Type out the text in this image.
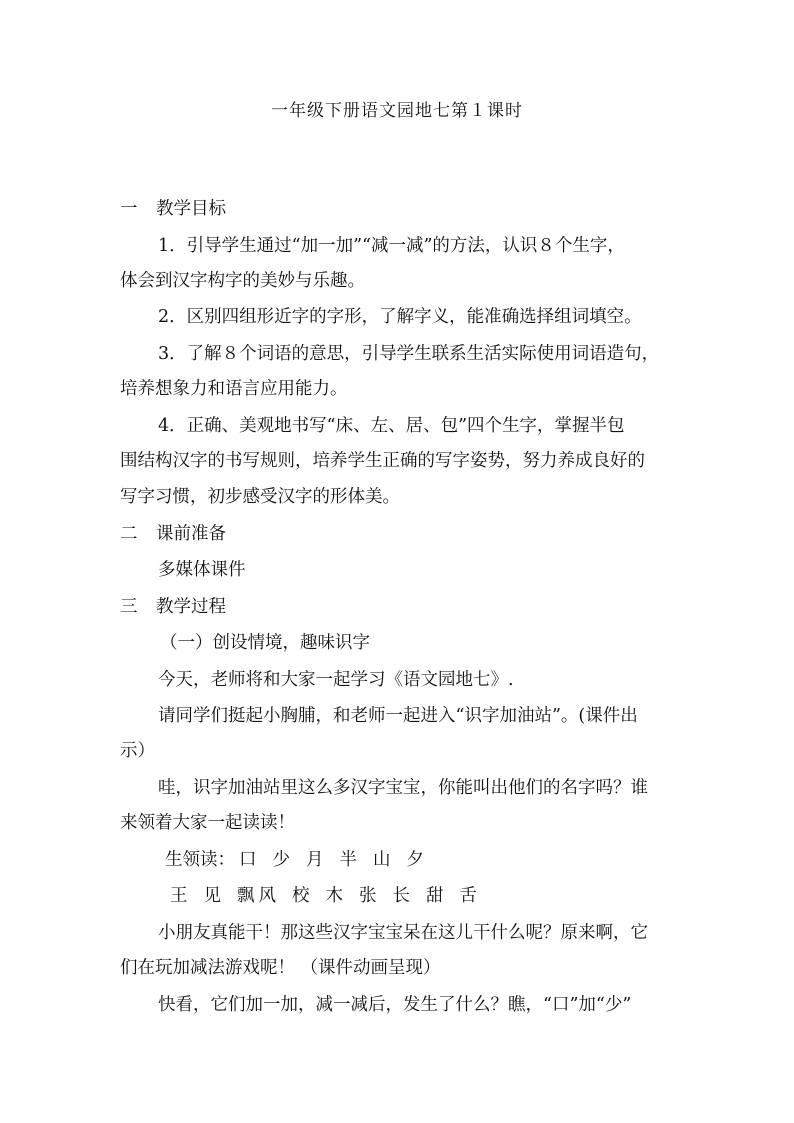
一年级下册语文园地七第１课时
一 教学目标
1．引导学生通过“加一加”“减一减”的方法，认识８个生字，
体会到汉字构字的美妙与乐趣。
2．区别四组形近字的字形，了解字义，能准确选择组词填空。
3．了解８个词语的意思，引导学生联系生活实际使用词语造句，
培养想象力和语言应用能力。
4．正确、美观地书写“床、左、居、包”四个生字，掌握半包
围结构汉字的书写规则，培养学生正确的写字姿势，努力养成良好的
写字习惯，初步感受汉字的形体美。
二 课前准备
多媒体课件
三 教学过程
（一）创设情境，趣味识字
今天，老师将和大家一起学习《语文园地七》.
请同学们挺起小胸脯，和老师一起进入“识字加油站”。(课件出
示）
哇，识字加油站里这么多汉字宝宝，你能叫出他们的名字吗？谁
来领着大家一起读读！
生领读： 口 少 月 半 山 夕
王 见 飘 风 校 木 张 长 甜 舌
小朋友真能干！那这些汉字宝宝呆在这儿干什么呢？原来啊，它
们在玩加减法游戏呢！ （课件动画呈现）
快看，它们加一加，减一减后，发生了什么？瞧，“口”加“少”
